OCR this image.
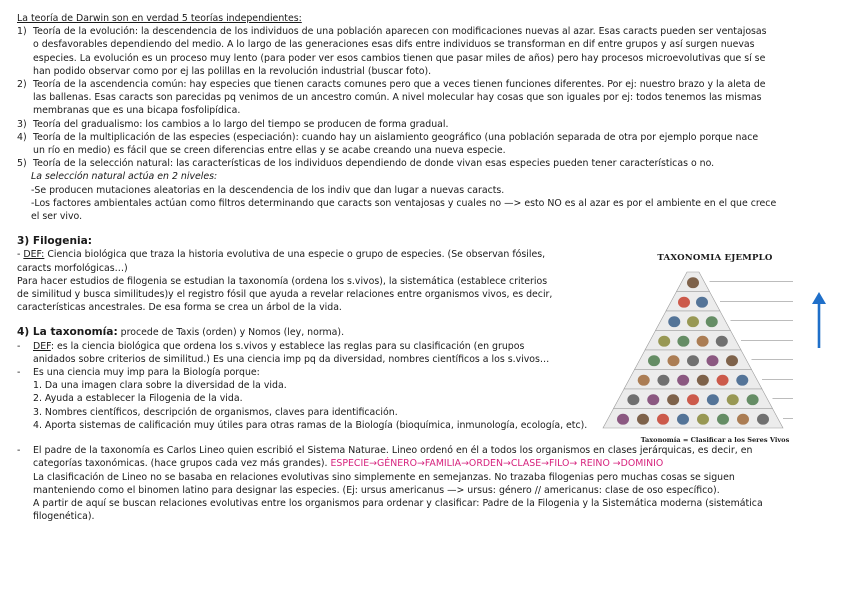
La teoría de Darwin son en verdad 5 teorías independientes:
1) Teoría de la evolución: la descendencia de los individuos de una población aparecen con modificaciones nuevas al azar. Esas caracts pueden ser ventajosas
o desfavorables dependiendo del medio. A lo largo de las generaciones esas difs entre individuos se transforman en dif entre grupos y así surgen nuevas
especies. La evolución es un proceso muy lento (para poder ver esos cambios tienen que pasar miles de años) pero hay procesos microevolutivas que sí se
han podido observar como por ej las polillas en la revolución industrial (buscar foto).
2) Teoría de la ascendencia común: hay especies que tienen caracts comunes pero que a veces tienen funciones diferentes. Por ej: nuestro brazo y la aleta de
las ballenas. Esas caracts son parecidas pq venimos de un ancestro común. A nivel molecular hay cosas que son iguales por ej: todos tenemos las mismas
membranas que es una bicapa fosfolipídica.
3) Teoría del gradualismo: los cambios a lo largo del tiempo se producen de forma gradual.
4) Teoría de la multiplicación de las especies (especiación): cuando hay un aislamiento geográfico (una población separada de otra por ejemplo porque nace
un río en medio) es fácil que se creen diferencias entre ellas y se acabe creando una nueva especie.
5) Teoría de la selección natural: las características de los individuos dependiendo de donde vivan esas especies pueden tener características o no.
La selección natural actúa en 2 niveles:
-Se producen mutaciones aleatorias en la descendencia de los indiv que dan lugar a nuevas caracts.
-Los factores ambientales actúan como filtros determinando que caracts son ventajosas y cuales no —> esto NO es al azar es por el ambiente en el que crece
el ser vivo.
3) Filogenia:
- DEF: Ciencia biológica que traza la historia evolutiva de una especie o grupo de especies. (Se observan fósiles,
caracts morfológicas…)
Para hacer estudios de filogenia se estudian la taxonomía (ordena los s.vivos), la sistemática (establece criterios
de similitud y busca similitudes)y el registro fósil que ayuda a revelar relaciones entre organismos vivos, es decir,
características ancestrales. De esa forma se crea un árbol de la vida.
4) La taxonomía: procede de Taxis (orden) y Nomos (ley, norma).
- DEF: es la ciencia biológica que ordena los s.vivos y establece las reglas para su clasificación (en grupos
anidados sobre criterios de similitud.) Es una ciencia imp pq da diversidad, nombres científicos a los s.vivos…
- Es una ciencia muy imp para la Biología porque:
1. Da una imagen clara sobre la diversidad de la vida.
2. Ayuda a establecer la Filogenia de la vida.
3. Nombres científicos, descripción de organismos, claves para identificación.
4. Aporta sistemas de calificación muy útiles para otras ramas de la Biología (bioquímica, inmunología, ecología, etc).
- El padre de la taxonomía es Carlos Lineo quien escribió el Sistema Naturae. Lineo ordenó en él a todos los organismos en clases jerárquicas, es decir, en
categorías taxonómicas. (hace grupos cada vez más grandes). ESPECIE→GÉNERO→FAMILIA→ORDEN→CLASE→FILO→ REINO →DOMINIO
La clasificación de Lineo no se basaba en relaciones evolutivas sino simplemente en semejanzas. No trazaba filogenias pero muchas cosas se siguen
manteniendo como el binomen latino para designar las especies. (Ej: ursus americanus —> ursus: género // americanus: clase de oso específico).
A partir de aquí se buscan relaciones evolutivas entre los organismos para ordenar y clasificar: Padre de la Filogenia y la Sistemática moderna (sistemática
filogenética).
TAXONOMIA EJEMPLO
Taxonomía = Clasificar a los Seres Vivos
